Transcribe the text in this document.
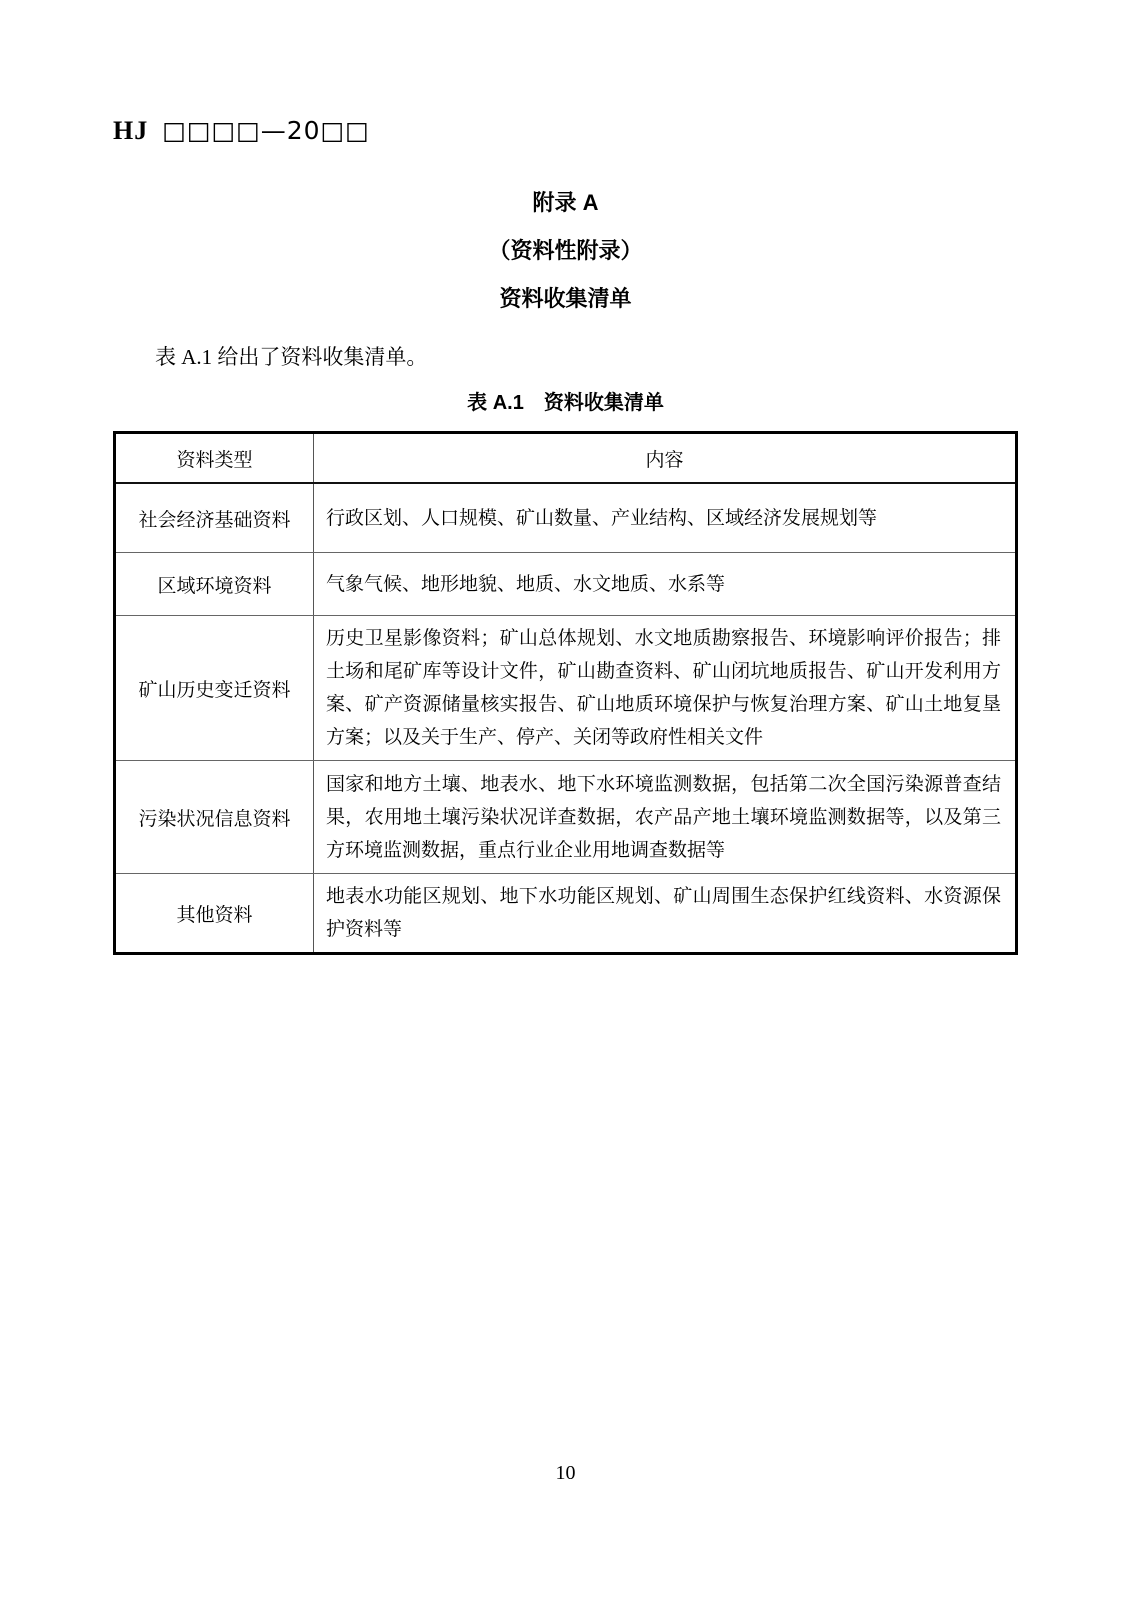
HJ □□□□—20□□
附录 A
（资料性附录）
资料收集清单

表 A.1 给出了资料收集清单。

表 A.1　资料收集清单
资料类型	内容
社会经济基础资料	行政区划、人口规模、矿山数量、产业结构、区域经济发展规划等
区域环境资料	气象气候、地形地貌、地质、水文地质、水系等
矿山历史变迁资料	历史卫星影像资料；矿山总体规划、水文地质勘察报告、环境影响评价报告；排土场和尾矿库等设计文件，矿山勘查资料、矿山闭坑地质报告、矿山开发利用方案、矿产资源储量核实报告、矿山地质环境保护与恢复治理方案、矿山土地复垦方案；以及关于生产、停产、关闭等政府性相关文件
污染状况信息资料	国家和地方土壤、地表水、地下水环境监测数据，包括第二次全国污染源普查结果，农用地土壤污染状况详查数据，农产品产地土壤环境监测数据等，以及第三方环境监测数据，重点行业企业用地调查数据等
其他资料	地表水功能区规划、地下水功能区规划、矿山周围生态保护红线资料、水资源保护资料等
10
